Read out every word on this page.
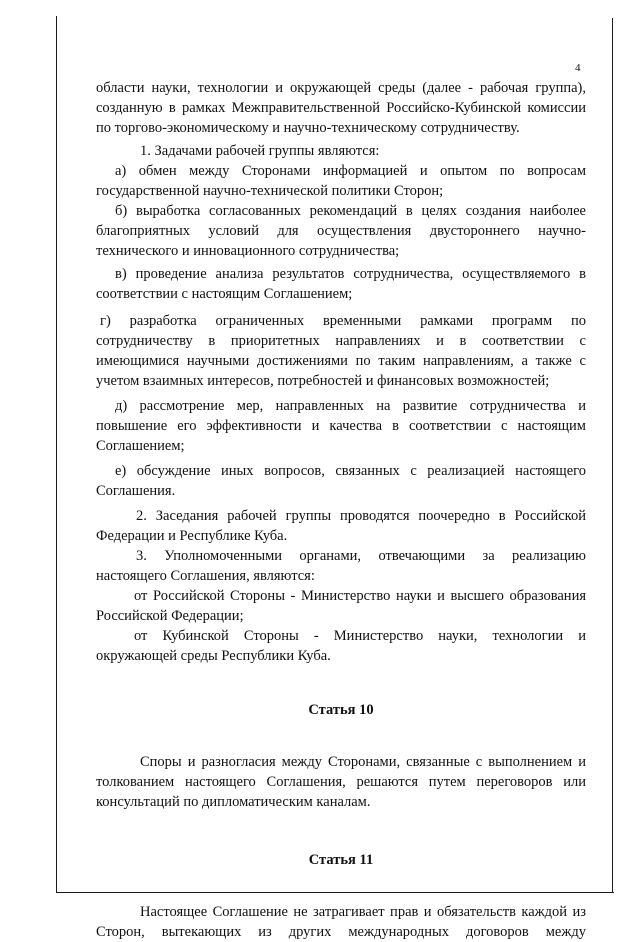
4

области науки, технологии и окружающей среды (далее - рабочая группа), созданную в рамках Межправительственной Российско-Кубинской комиссии по торгово-экономическому и научно-техническому сотрудничеству.

1. Задачами рабочей группы являются:

а) обмен между Сторонами информацией и опытом по вопросам государственной научно-технической политики Сторон;

б) выработка согласованных рекомендаций в целях создания наиболее благоприятных условий для осуществления двустороннего научно-технического и инновационного сотрудничества;

в) проведение анализа результатов сотрудничества, осуществляемого в соответствии с настоящим Соглашением;

г) разработка ограниченных временными рамками программ по сотрудничеству в приоритетных направлениях и в соответствии с имеющимися научными достижениями по таким направлениям, а также с учетом взаимных интересов, потребностей и финансовых возможностей;

д) рассмотрение мер, направленных на развитие сотрудничества и повышение его эффективности и качества в соответствии с настоящим Соглашением;

е) обсуждение иных вопросов, связанных с реализацией настоящего Соглашения.

2. Заседания рабочей группы проводятся поочередно в Российской Федерации и Республике Куба.

3. Уполномоченными органами, отвечающими за реализацию настоящего Соглашения, являются:

от Российской Стороны - Министерство науки и высшего образования Российской Федерации;

от Кубинской Стороны - Министерство науки, технологии и окружающей среды Республики Куба.

Статья 10

Споры и разногласия между Сторонами, связанные с выполнением и толкованием настоящего Соглашения, решаются путем переговоров или консультаций по дипломатическим каналам.

Статья 11

Настоящее Соглашение не затрагивает прав и обязательств каждой из Сторон, вытекающих из других международных договоров между
